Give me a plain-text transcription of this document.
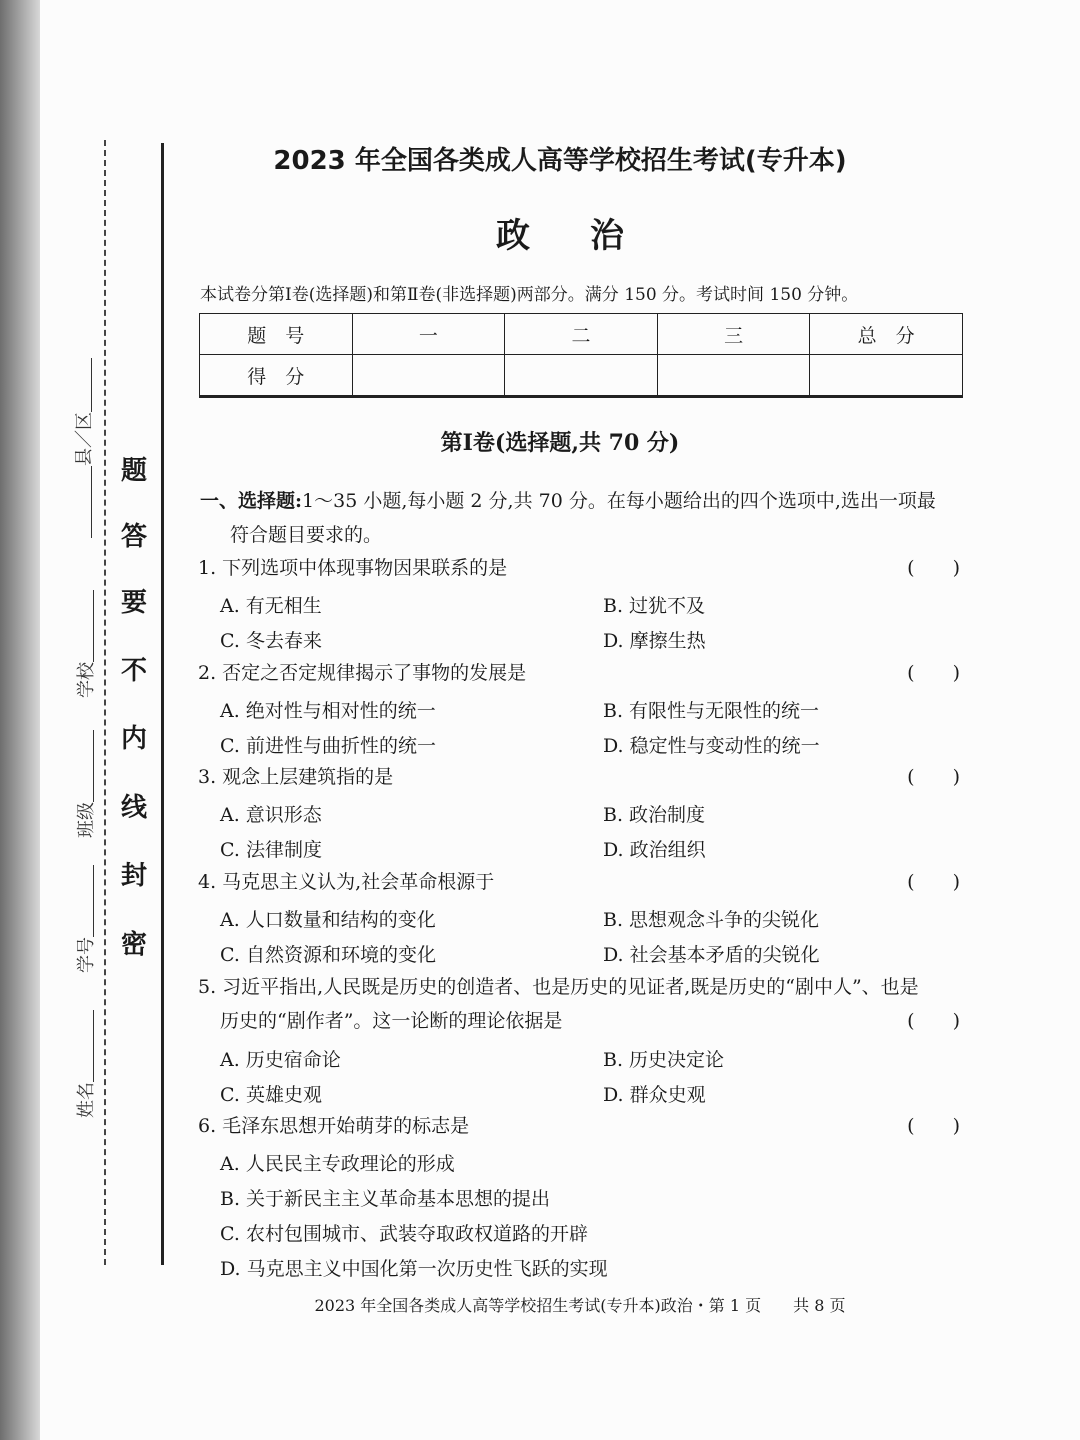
姓名　　　　
学号　　　　
班级　　　　
学校　　　　
　　　　县／区　　　
密
封
线
内
不
要
答
题
2023 年全国各类成人高等学校招生考试(专升本)
政治
本试卷分第Ⅰ卷(选择题)和第Ⅱ卷(非选择题)两部分。满分 150 分。考试时间 150 分钟。
题　号	一	二	三	总　分
得　分				
第Ⅰ卷(选择题,共 70 分)
一、选择题:1～35 小题,每小题 2 分,共 70 分。在每小题给出的四个选项中,选出一项最
符合题目要求的。
1. 下列选项中体现事物因果联系的是	(　　)
A. 有无相生	B. 过犹不及
C. 冬去春来	D. 摩擦生热
2. 否定之否定规律揭示了事物的发展是	(　　)
A. 绝对性与相对性的统一	B. 有限性与无限性的统一
C. 前进性与曲折性的统一	D. 稳定性与变动性的统一
3. 观念上层建筑指的是	(　　)
A. 意识形态	B. 政治制度
C. 法律制度	D. 政治组织
4. 马克思主义认为,社会革命根源于	(　　)
A. 人口数量和结构的变化	B. 思想观念斗争的尖锐化
C. 自然资源和环境的变化	D. 社会基本矛盾的尖锐化
5. 习近平指出,人民既是历史的创造者、也是历史的见证者,既是历史的“剧中人”、也是
历史的“剧作者”。这一论断的理论依据是	(　　)
A. 历史宿命论	B. 历史决定论
C. 英雄史观	D. 群众史观
6. 毛泽东思想开始萌芽的标志是	(　　)
A. 人民民主专政理论的形成
B. 关于新民主主义革命基本思想的提出
C. 农村包围城市、武装夺取政权道路的开辟
D. 马克思主义中国化第一次历史性飞跃的实现
2023 年全国各类成人高等学校招生考试(专升本)政治・第 1 页　　共 8 页
